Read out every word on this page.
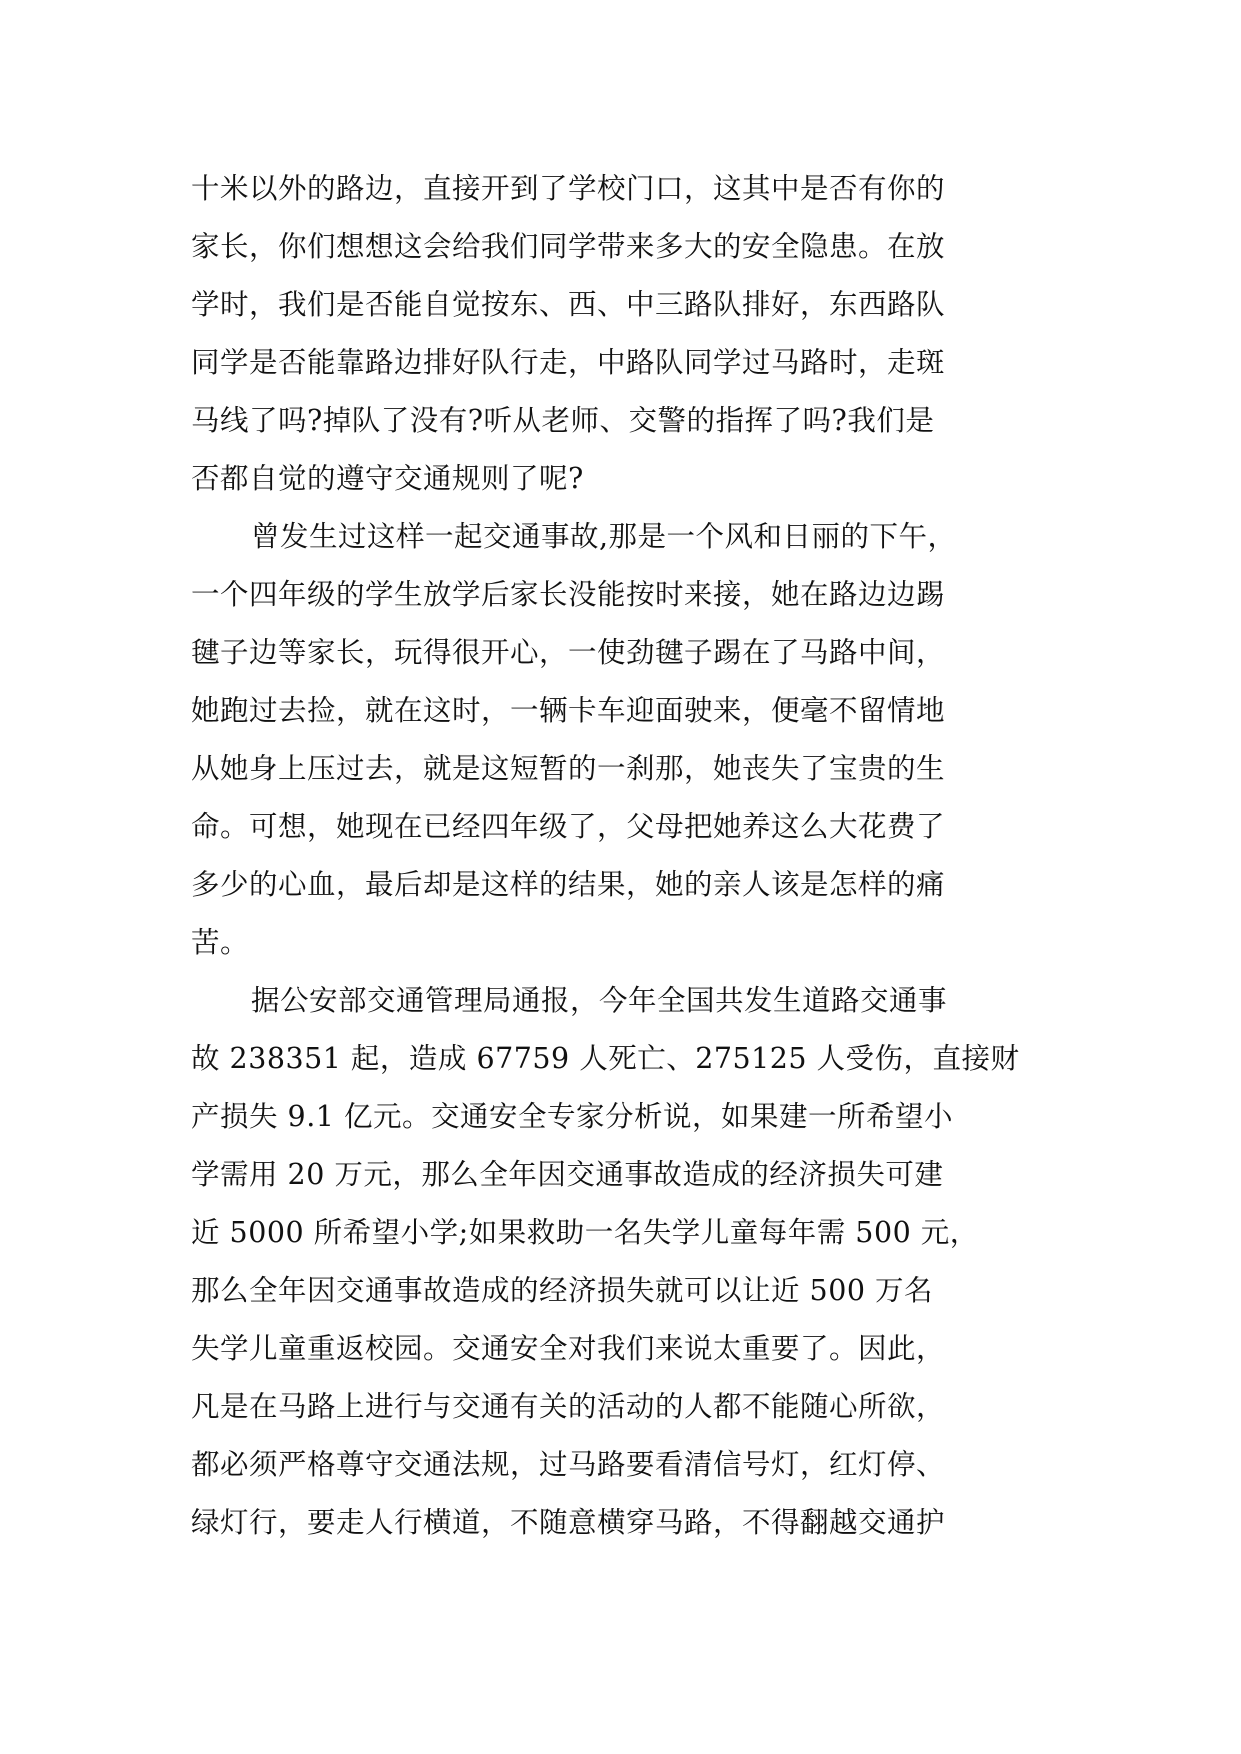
十米以外的路边，直接开到了学校门口，这其中是否有你的
家长，你们想想这会给我们同学带来多大的安全隐患。在放
学时，我们是否能自觉按东、西、中三路队排好，东西路队
同学是否能靠路边排好队行走，中路队同学过马路时，走斑
马线了吗?掉队了没有?听从老师、交警的指挥了吗?我们是
否都自觉的遵守交通规则了呢?
曾发生过这样一起交通事故,那是一个风和日丽的下午，
一个四年级的学生放学后家长没能按时来接，她在路边边踢
毽子边等家长，玩得很开心，一使劲毽子踢在了马路中间，
她跑过去捡，就在这时，一辆卡车迎面驶来，便毫不留情地
从她身上压过去，就是这短暂的一刹那，她丧失了宝贵的生
命。可想，她现在已经四年级了，父母把她养这么大花费了
多少的心血，最后却是这样的结果，她的亲人该是怎样的痛
苦。
据公安部交通管理局通报，今年全国共发生道路交通事
故 238351 起，造成 67759 人死亡、275125 人受伤，直接财
产损失 9.1 亿元。交通安全专家分析说，如果建一所希望小
学需用 20 万元，那么全年因交通事故造成的经济损失可建
近 5000 所希望小学;如果救助一名失学儿童每年需 500 元，
那么全年因交通事故造成的经济损失就可以让近 500 万名
失学儿童重返校园。交通安全对我们来说太重要了。因此，
凡是在马路上进行与交通有关的活动的人都不能随心所欲，
都必须严格尊守交通法规，过马路要看清信号灯，红灯停、
绿灯行，要走人行横道，不随意横穿马路，不得翻越交通护
